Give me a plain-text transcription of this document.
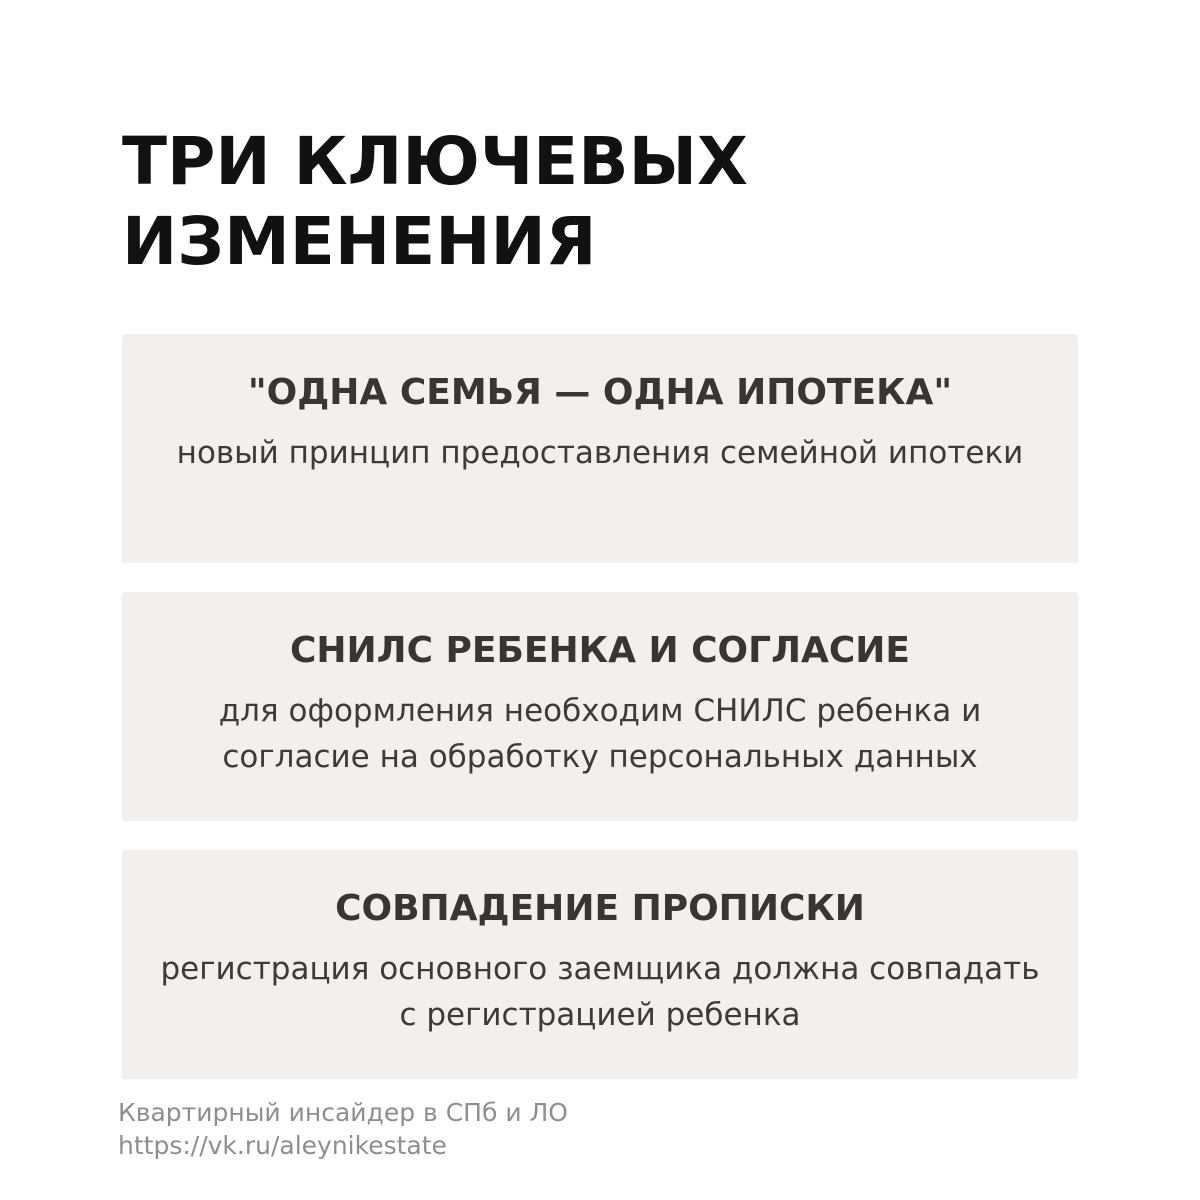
ТРИ КЛЮЧЕВЫХ
ИЗМЕНЕНИЯ
"ОДНА СЕМЬЯ — ОДНА ИПОТЕКА"
новый принцип предоставления семейной ипотеки
СНИЛС РЕБЕНКА И СОГЛАСИЕ
для оформления необходим СНИЛС ребенка и согласие на обработку персональных данных
СОВПАДЕНИЕ ПРОПИСКИ
регистрация основного заемщика должна совпадать с регистрацией ребенка
Квартирный инсайдер в СПб и ЛО
https://vk.ru/aleynikestate
